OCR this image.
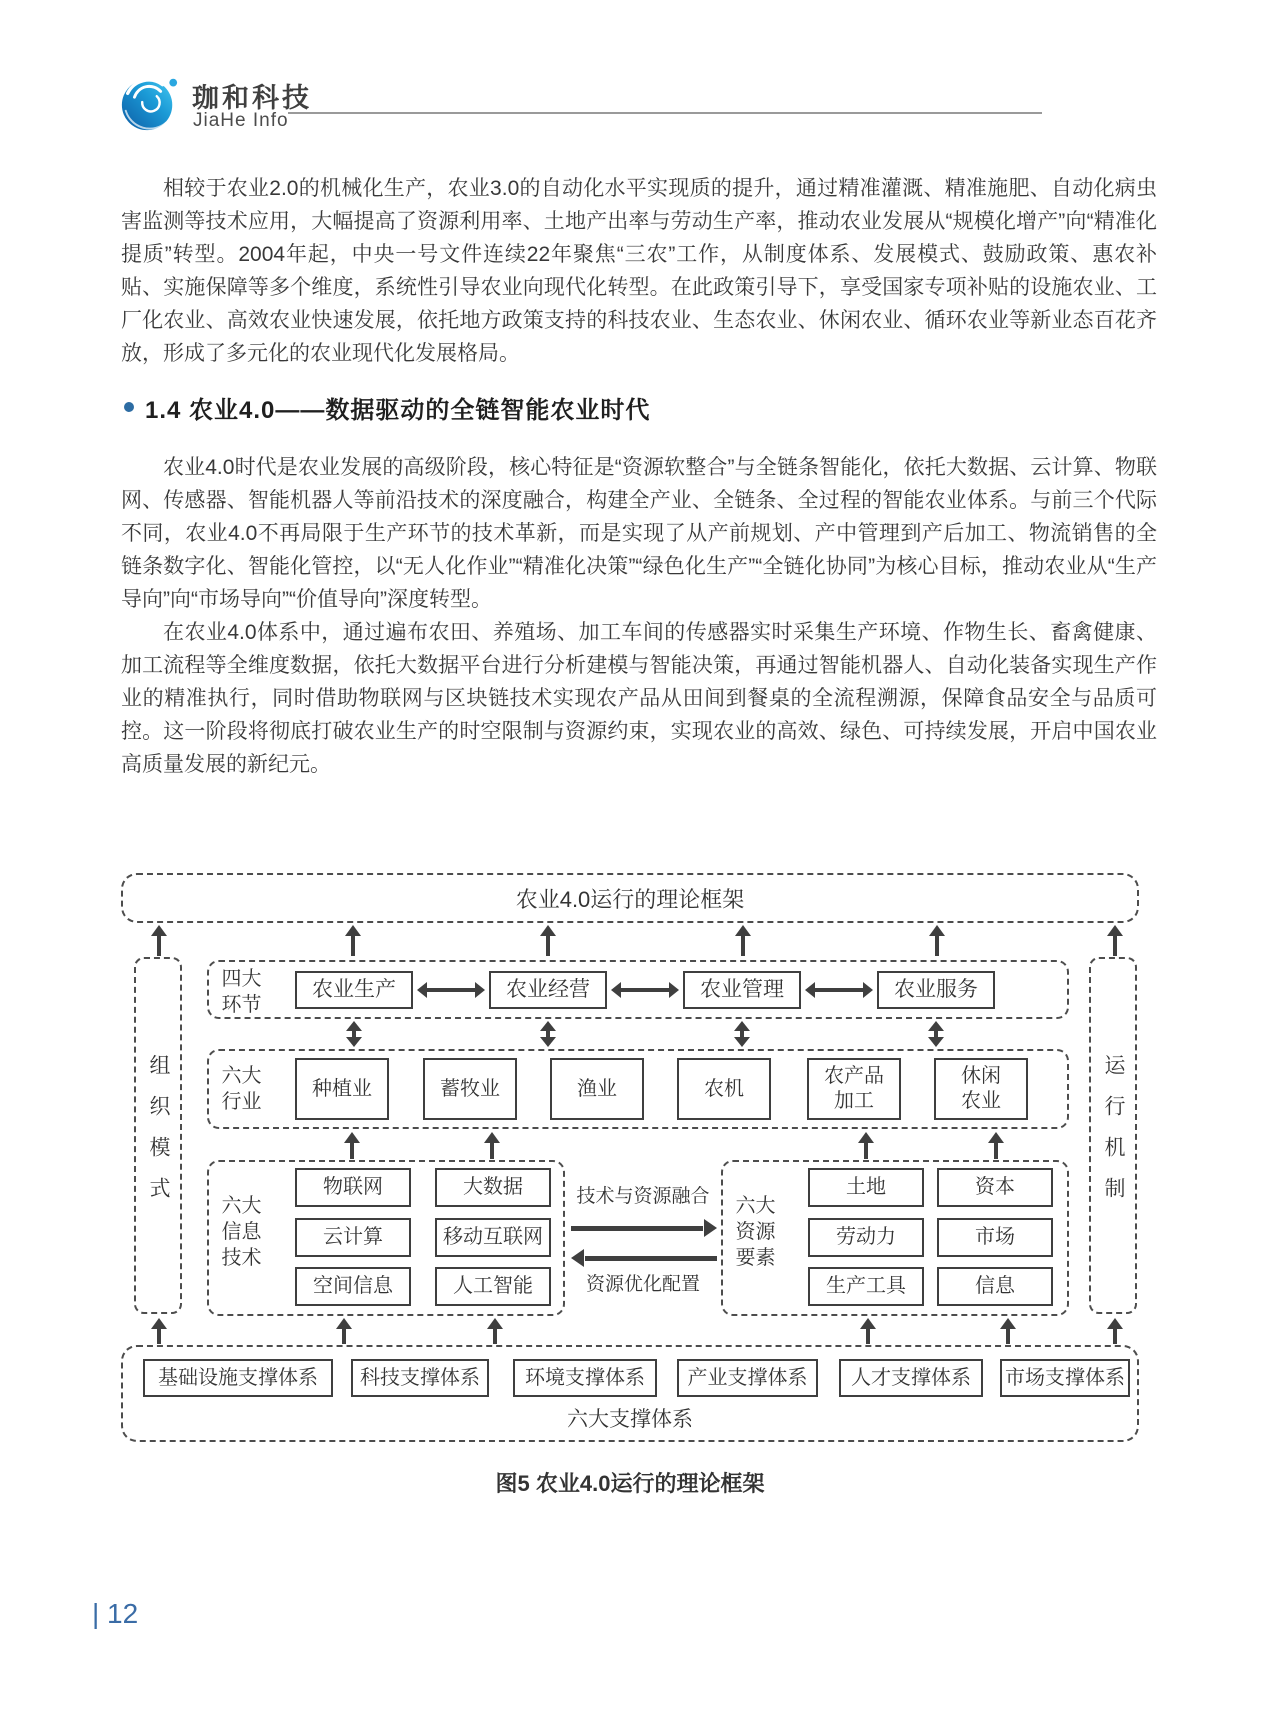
珈和科技
JiaHe Info

相较于农业2.0的机械化生产，农业3.0的自动化水平实现质的提升，通过精准灌溉、精准施肥、自动化病虫害监测等技术应用，大幅提高了资源利用率、土地产出率与劳动生产率，推动农业发展从“规模化增产”向“精准化提质”转型。2004年起，中央一号文件连续22年聚焦“三农”工作，从制度体系、发展模式、鼓励政策、惠农补贴、实施保障等多个维度，系统性引导农业向现代化转型。在此政策引导下，享受国家专项补贴的设施农业、工厂化农业、高效农业快速发展，依托地方政策支持的科技农业、生态农业、休闲农业、循环农业等新业态百花齐放，形成了多元化的农业现代化发展格局。

1.4 农业4.0——数据驱动的全链智能农业时代

农业4.0时代是农业发展的高级阶段，核心特征是“资源软整合”与全链条智能化，依托大数据、云计算、物联网、传感器、智能机器人等前沿技术的深度融合，构建全产业、全链条、全过程的智能农业体系。与前三个代际不同，农业4.0不再局限于生产环节的技术革新，而是实现了从产前规划、产中管理到产后加工、物流销售的全链条数字化、智能化管控，以“无人化作业”“精准化决策”“绿色化生产”“全链化协同”为核心目标，推动农业从“生产导向”向“市场导向”“价值导向”深度转型。

在农业4.0体系中，通过遍布农田、养殖场、加工车间的传感器实时采集生产环境、作物生长、畜禽健康、加工流程等全维度数据，依托大数据平台进行分析建模与智能决策，再通过智能机器人、自动化装备实现生产作业的精准执行，同时借助物联网与区块链技术实现农产品从田间到餐桌的全流程溯源，保障食品安全与品质可控。这一阶段将彻底打破农业生产的时空限制与资源约束，实现农业的高效、绿色、可持续发展，开启中国农业高质量发展的新纪元。

农业4.0运行的理论框架
组织模式	运行机制
四大环节
农业生产	农业经营	农业管理	农业服务
六大行业
种植业	蓄牧业	渔业	农机
农产品加工
休闲农业
六大信息技术
物联网	大数据
云计算	移动互联网
空间信息	人工智能
技术与资源融合
资源优化配置
六大资源要素
土地	资本
劳动力	市场
生产工具	信息
基础设施支撑体系	科技支撑体系	环境支撑体系	产业支撑体系	人才支撑体系	市场支撑体系
六大支撑体系
图5 农业4.0运行的理论框架
| 12
